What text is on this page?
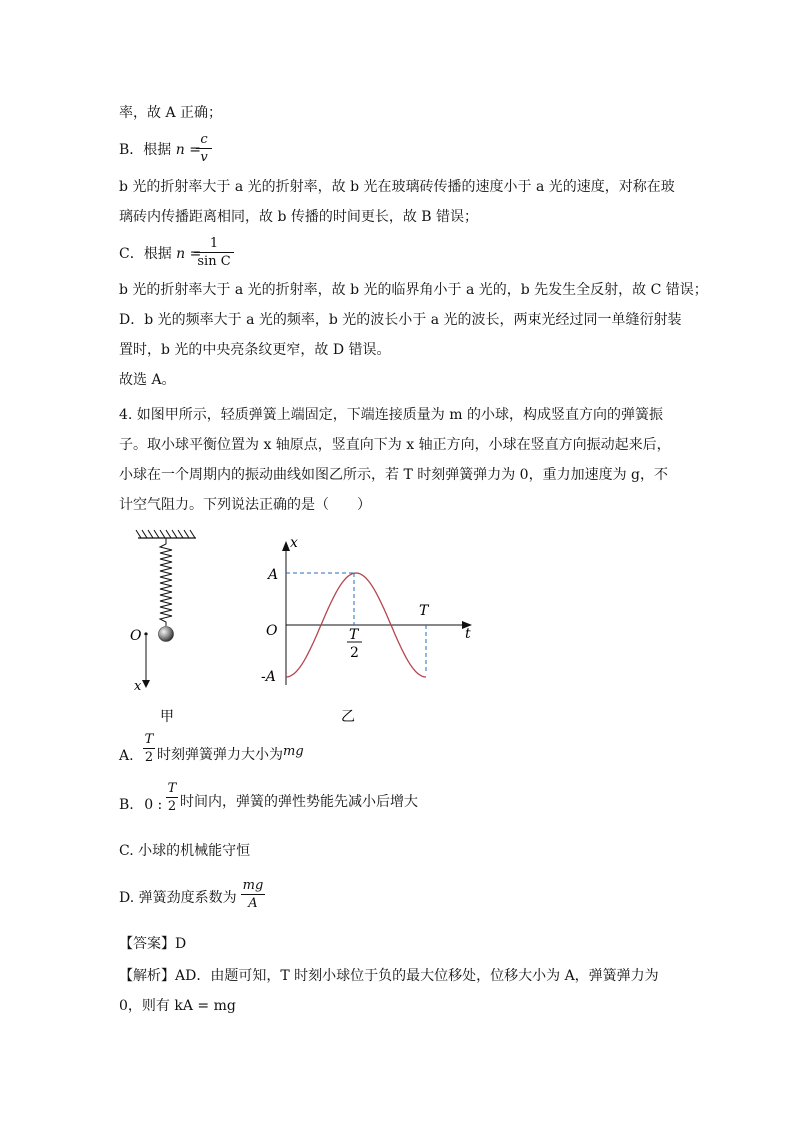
率，故 A 正确；
B．根据 n =
c
v
b 光的折射率大于 a 光的折射率，故 b 光在玻璃砖传播的速度小于 a 光的速度，对称在玻
璃砖内传播距离相同，故 b 传播的时间更长，故 B 错误；
C．根据 n =
1
sin C
b 光的折射率大于 a 光的折射率，故 b 光的临界角小于 a 光的，b 先发生全反射，故 C 错误；
D．b 光的频率大于 a 光的频率，b 光的波长小于 a 光的波长，两束光经过同一单缝衍射装
置时，b 光的中央亮条纹更窄，故 D 错误。
故选 A。
4. 如图甲所示，轻质弹簧上端固定，下端连接质量为 m 的小球，构成竖直方向的弹簧振
子。取小球平衡位置为 x 轴原点，竖直向下为 x 轴正方向，小球在竖直方向振动起来后，
小球在一个周期内的振动曲线如图乙所示，若 T 时刻弹簧弹力为 0，重力加速度为 g，不
计空气阻力。下列说法正确的是（　　）
O
x
x
A
O
-A
t
T
T
2
甲	乙
A.
T
2 时刻弹簧弹力大小为mg
B. 0 :
T
2 时间内，弹簧的弹性势能先减小后增大
C. 小球的机械能守恒
D. 弹簧劲度系数为
mg
A
【答案】D
【解析】AD．由题可知，T 时刻小球位于负的最大位移处，位移大小为 A，弹簧弹力为
0，则有 kA = mg
